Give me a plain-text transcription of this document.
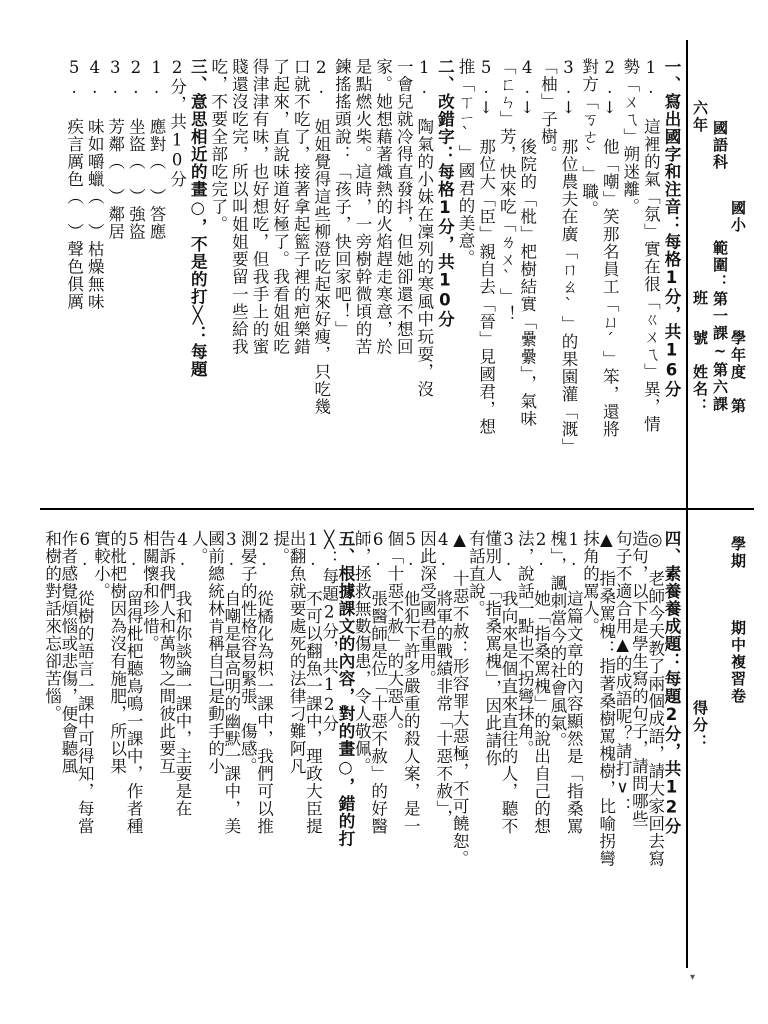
國小
六年
國語科
班 範圍：第一課~第六課
號　姓名： 學年度　第
學期
期中複習卷
得分：
▾
一、寫出國字和注音：每格1分，共16分
1. 這裡的氣「氛」實在很「ㄍㄨㄟ」異，情
勢「ㄨㄟ」朔迷離。
2.↓ 他「嘲」笑那名員工「ㄩˊ」笨，還將
對方「ㄎㄜˋ」職。
3.↓ 那位農夫在廣「ㄇㄠˋ」的果園灌「溉」
「柚」子樹。
4.↓ 後院的「枇」杷樹結實「纍纍」，氣味
「ㄈㄣ」芳，快來吃「ㄌㄨˋ」！
5.↓ 那位大「臣」親自去「晉」見國君，想
推「ㄒㄧˋ」國君的美意。
二、改錯字：每格1分，共10分
1. 陶氣的小妹在凜列的寒風中玩耍，沒
一會兒就冷得直發抖，但她卻還不想回
家。她想藉著熾熱的火焰趕走寒意，於
是點燃火柴。這時，一旁樹幹微頃的苦
鍊搖搖頭說：「孩子，快回家吧！」
2. 姐姐覺得這些柳澄吃起來好瘦，只吃幾
口就不吃了，接著拿起籃子裡的疤樂錯
了起來，直說味道好極了。我看姐姐吃
得津津有味，也好想吃，但我手上的蜜
賤還沒吃完，所以叫姐姐要留一些給我
吃，不要全部吃完了。
三、意思相近的畫○，不是的打╳：每題
2分，共10分
1. 應對（　）答應
2. 坐盜（　）強盜
3. 芳鄰（　）鄰居
4. 味如嚼蠟（　）枯燥無味
5. 疾言厲色（　）聲色俱厲
四、素養養成題：每題2分，共12分
◎ 老師今天教了兩個成語，請大家回去寫
造句，以下是學生寫的句子，請問哪些
句子不適合用▲的成語呢？請打∨：
▲ 指桑罵槐：指著桑樹罵槐樹，比喻拐彎
抹角的罵人。
1. 這篇文章的內容顯然是「指桑罵
槐」，諷刺當今的社會風氣。
2. 她「指桑罵槐」的說出自己的想
法，說話一點也不拐彎抹角。
3. 我向來是個直來直往的人，聽不
懂別人「指桑罵槐」，因此請你
有話直說。
▲ 十惡不赦：形容罪大惡極，不可饒恕。
4. 將軍的戰績非常「十惡不赦」，
因此深受國君重用。
5. 他犯下許多嚴重的殺人案，是一
個「十惡不赦」的大惡人。
6. 張醫師是位「十惡不赦」的好醫
師，拯救無數傷患，令人敬佩。
五、根據課文的內容，對的畫○，錯的打
╳：每題2分，共12分
1. 不可以翻魚一課中，理政大臣提
出翻魚就要處死的法律刁難阿凡
提。
2. 從橘化為枳一課中，我們可以推
測晏子的性格容易緊張、傷感。
3. 自嘲是最高明的幽默一課中，美
國前總統林肯稱自己是動手的小
人。
4. 我和你談論一課中，主要是在
告訴我們人和萬物之間彼此要互
相關懷和珍惜。
5. 留得枇杷聽鳥鳴一課中，作者種
的枇杷樹因為沒有施肥，所以果
實較小。
6. 從樹的語言一課中可得知，每當
作者感覺煩惱或悲傷，便會聽風
和樹的對話來忘卻苦惱。
